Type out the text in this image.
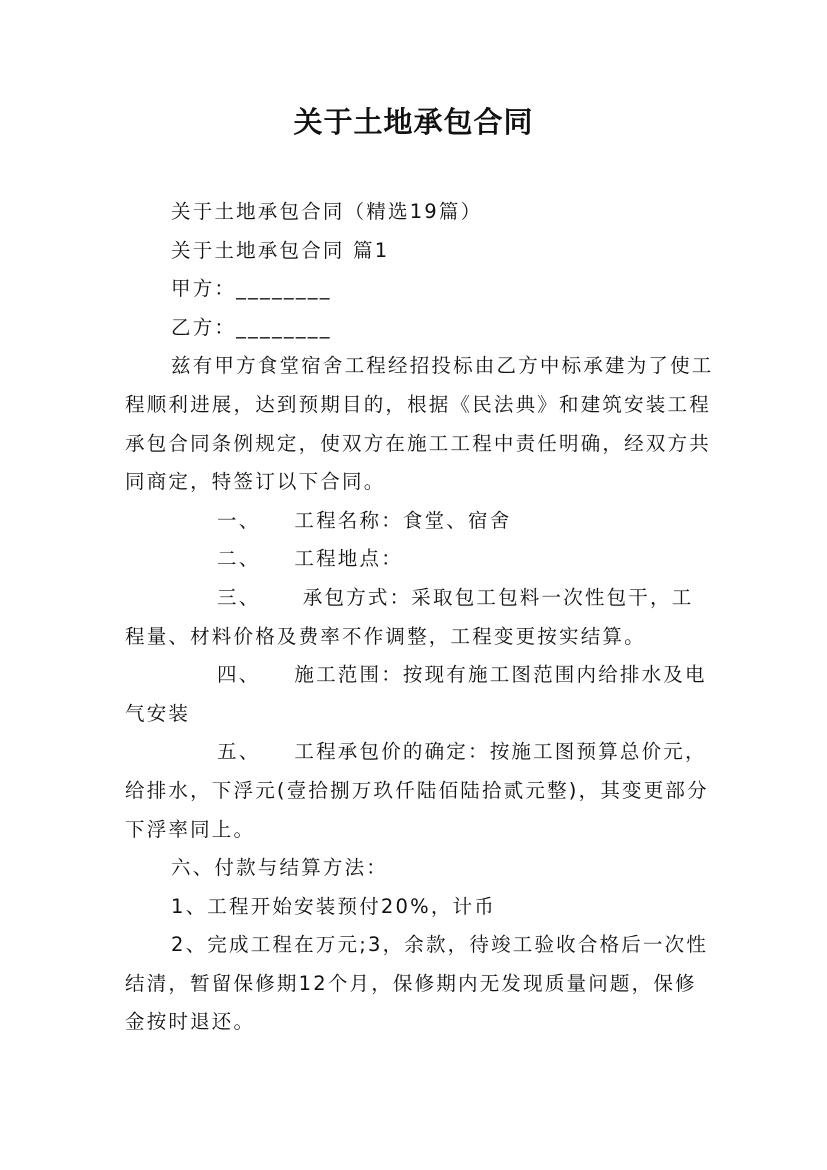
关于土地承包合同

关于土地承包合同（精选19篇）

关于土地承包合同 篇1

甲方：________

乙方：________

兹有甲方食堂宿舍工程经招投标由乙方中标承建为了使工程顺利进展，达到预期目的，根据《民法典》和建筑安装工程承包合同条例规定，使双方在施工工程中责任明确，经双方共同商定，特签订以下合同。

一、 工程名称：食堂、宿舍

二、 工程地点：

三、 承包方式：采取包工包料一次性包干，工程量、材料价格及费率不作调整，工程变更按实结算。

四、 施工范围：按现有施工图范围内给排水及电气安装

五、 工程承包价的确定：按施工图预算总价元，给排水，下浮元(壹拾捌万玖仟陆佰陆拾贰元整)，其变更部分下浮率同上。

六、付款与结算方法：

1、工程开始安装预付20%，计币

2、完成工程在万元;3，余款，待竣工验收合格后一次性结清，暂留保修期12个月，保修期内无发现质量问题，保修金按时退还。
